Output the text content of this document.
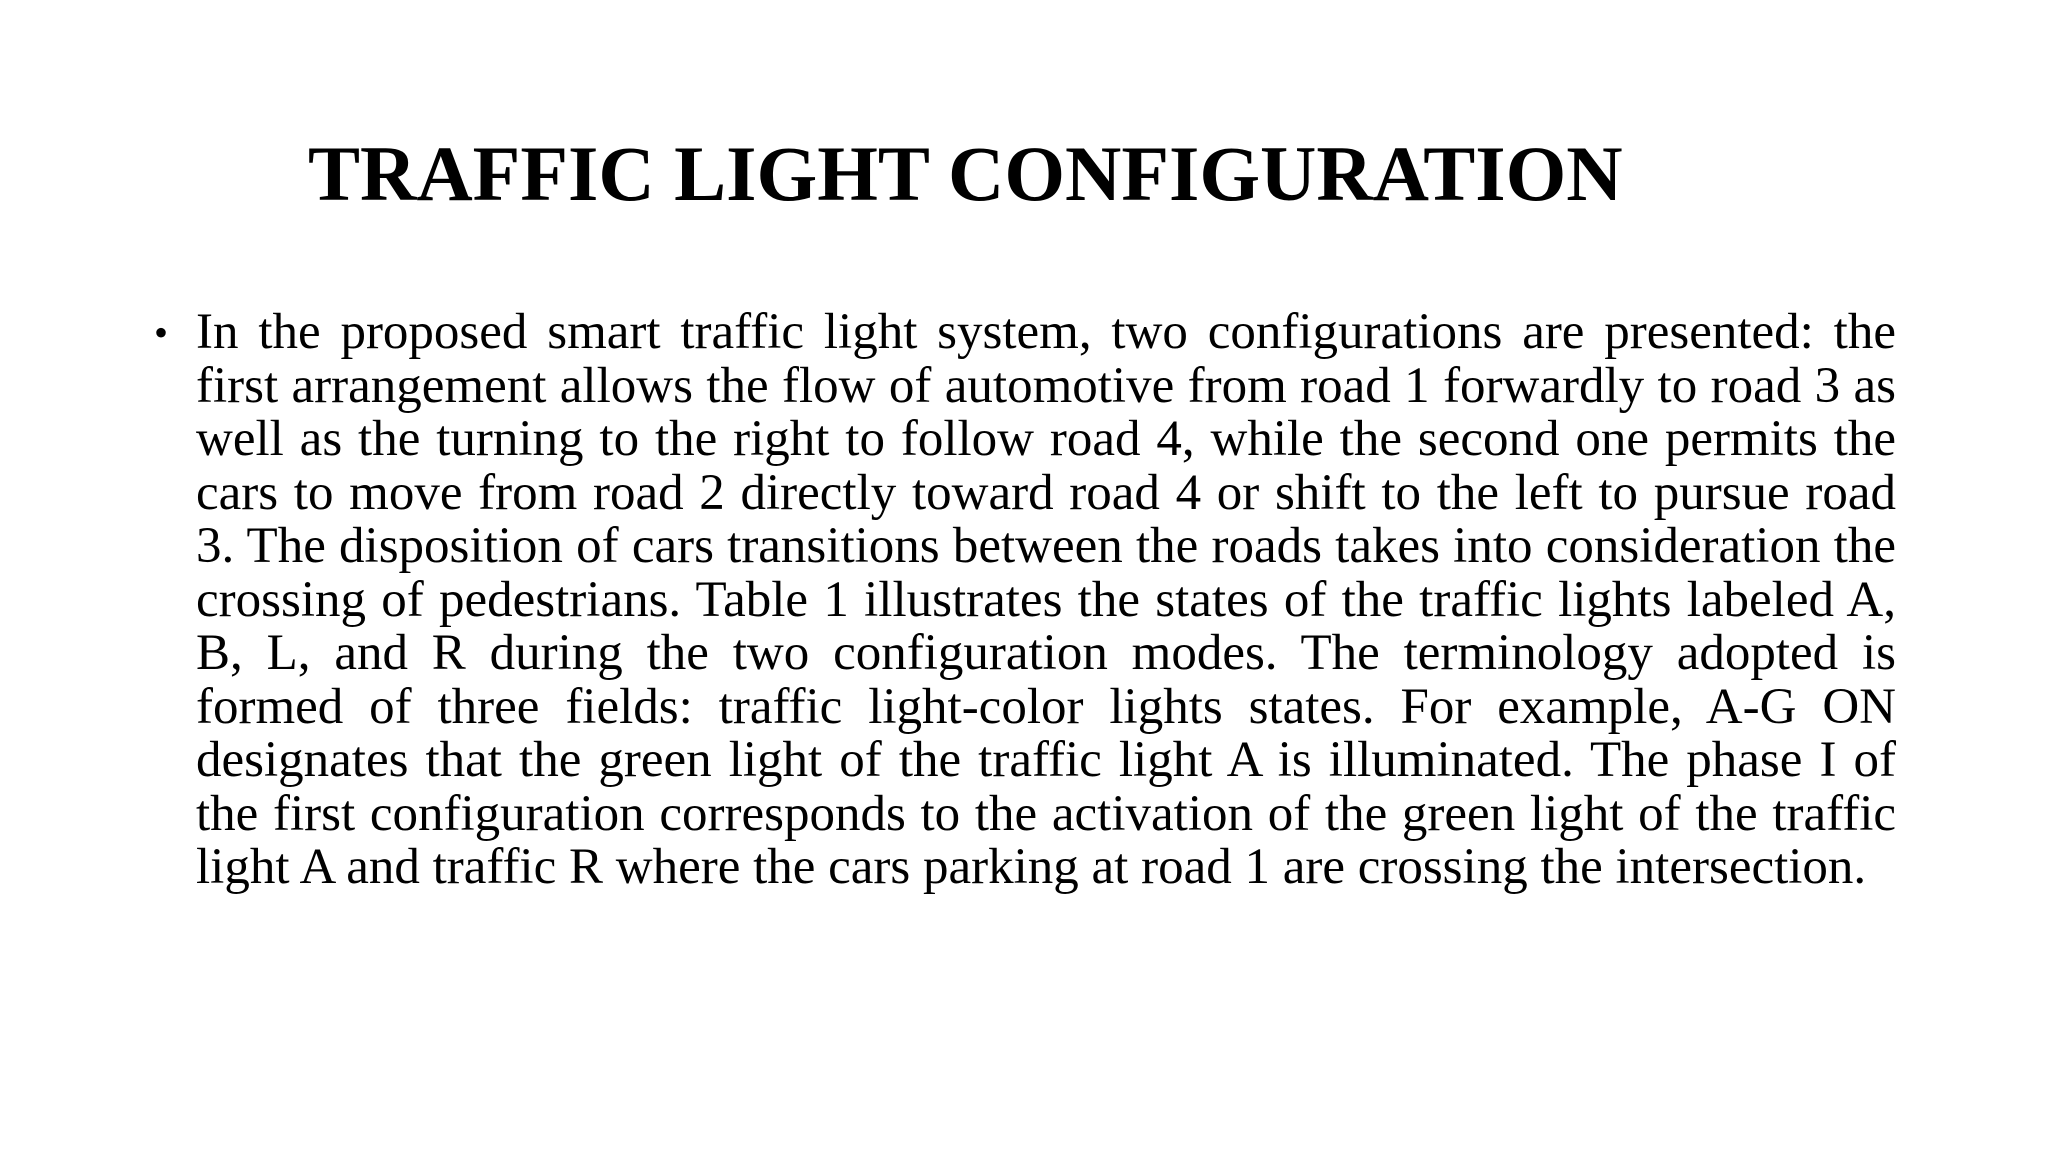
TRAFFIC LIGHT CONFIGURATION
• In the proposed smart traffic light system, two configurations are presented: the first arrangement allows the flow of automotive from road 1 forwardly to road 3 as well as the turning to the right to follow road 4, while the second one permits the cars to move from road 2 directly toward road 4 or shift to the left to pursue road 3. The disposition of cars transitions between the roads takes into consideration the crossing of pedestrians. Table 1 illustrates the states of the traffic lights labeled A, B, L, and R during the two configuration modes. The terminology adopted is formed of three fields: traffic light-color lights states. For example, A-G ON designates that the green light of the traffic light A is illuminated. The phase I of the first configuration corresponds to the activation of the green light of the traffic light A and traffic R where the cars parking at road 1 are crossing the intersection.
